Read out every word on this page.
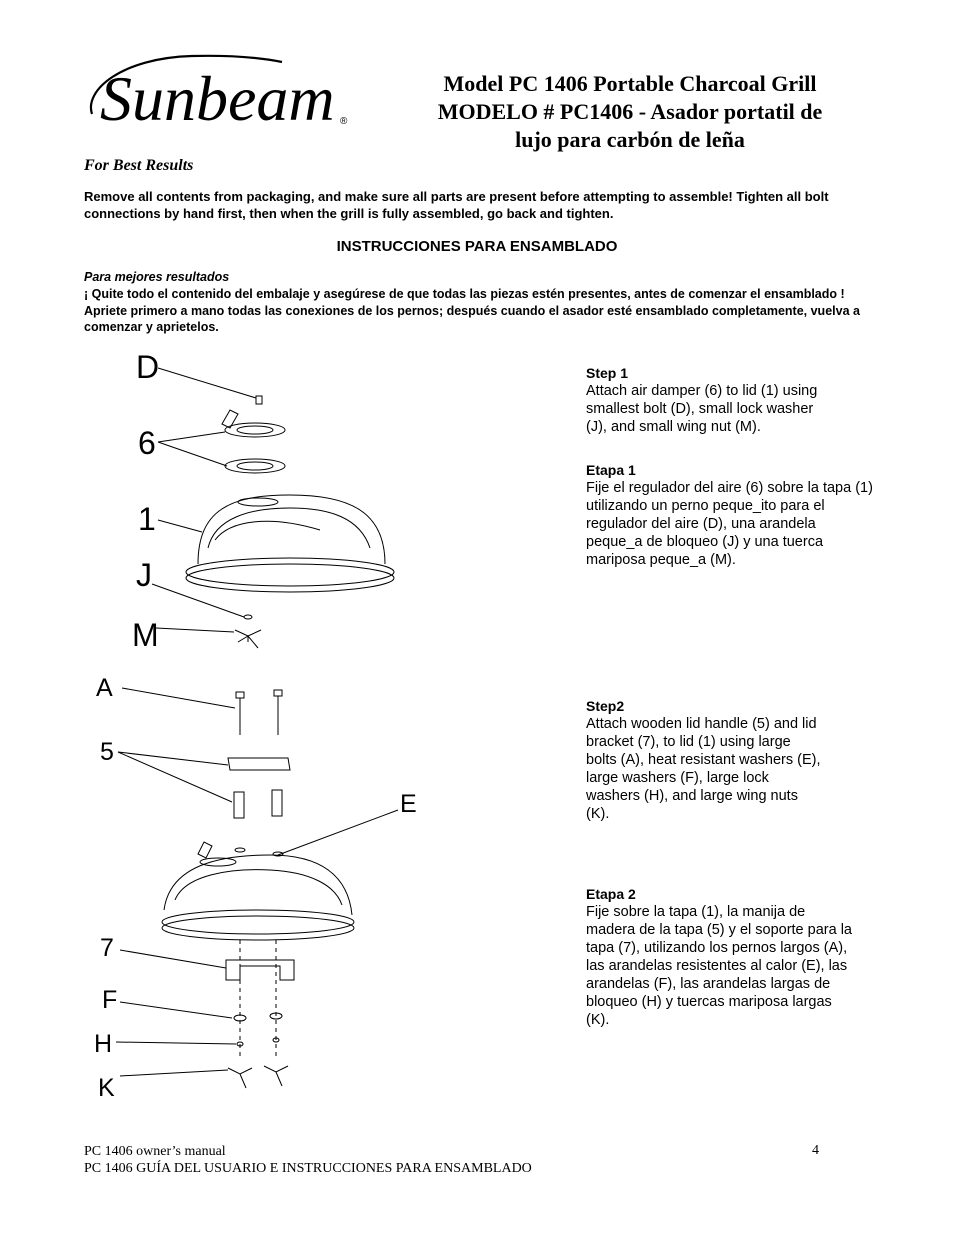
Sunbeam ®
Model PC 1406 Portable Charcoal Grill
MODELO # PC1406 - Asador portatil de
lujo para carbón de leña
For Best Results
Remove all contents from packaging, and make sure all parts are present before attempting to assemble! Tighten all bolt connections by hand first, then when the grill is fully assembled, go back and tighten.
INSTRUCCIONES PARA ENSAMBLADO
Para mejores resultados
¡ Quite todo el contenido del embalaje y asegúrese de que todas las piezas estén presentes, antes de comenzar el ensamblado ! Apriete primero a mano todas las conexiones de los pernos; después cuando el asador esté ensamblado completamente, vuelva a comenzar y aprietelos.
Step 1
Attach air damper (6) to lid (1) using smallest bolt (D), small lock washer (J), and small wing nut (M).
Etapa 1
Fije el regulador del aire (6) sobre la tapa (1) utilizando un perno peque_ito para el regulador del aire (D), una arandela peque_a de bloqueo (J) y una tuerca mariposa peque_a (M).
Step2
Attach wooden lid handle (5) and lid bracket (7), to lid (1) using large bolts (A), heat resistant washers (E), large washers (F), large lock washers (H), and large wing nuts (K).
Etapa 2
Fije sobre la tapa (1), la manija de madera de la tapa (5) y el soporte para la tapa (7), utilizando los pernos largos (A), las arandelas resistentes al calor (E), las arandelas (F), las arandelas largas de bloqueo (H) y tuercas mariposa largas (K).
D
6
1
J
M
A
5
E
7
F
H
K
PC 1406 owner’s manual	4
PC 1406 GUÍA DEL USUARIO E INSTRUCCIONES PARA ENSAMBLADO
